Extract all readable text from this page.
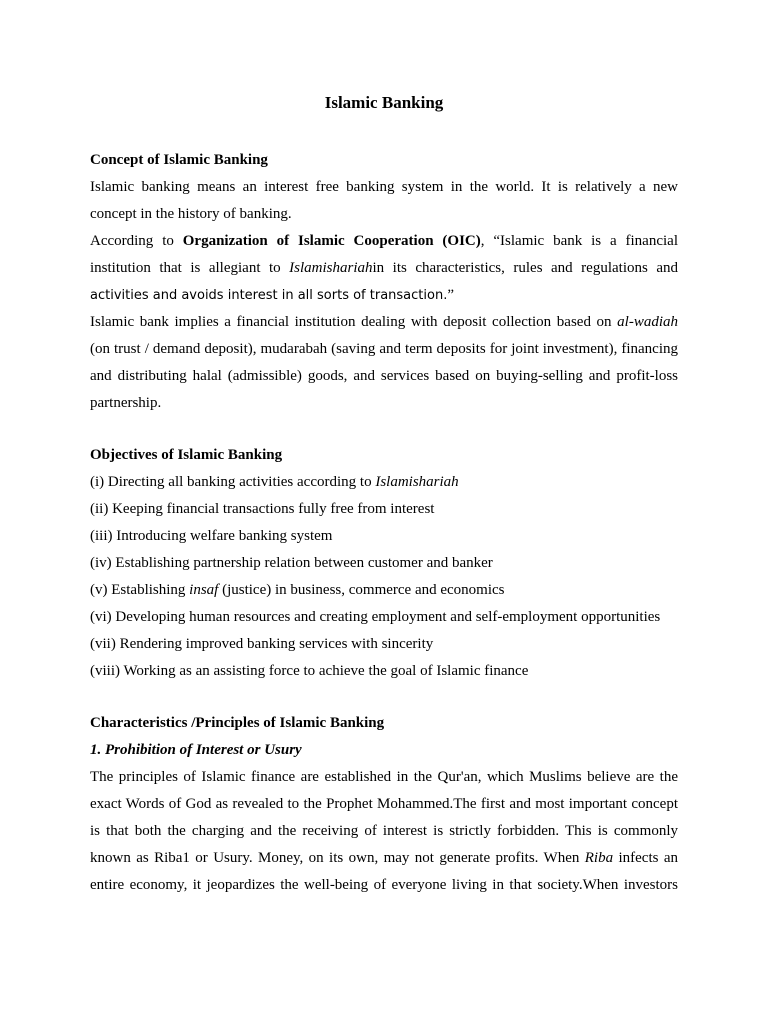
Islamic Banking
Concept of Islamic Banking
Islamic banking means an interest free banking system in the world. It is relatively a new
concept in the history of banking.
According to Organization of Islamic Cooperation (OIC), “Islamic bank is a financial
institution that is allegiant to Islamishariahin its characteristics, rules and regulations and
activities and avoids interest in all sorts of transaction.”
Islamic bank implies a financial institution dealing with deposit collection based on al-wadiah
(on trust / demand deposit), mudarabah (saving and term deposits for joint investment), financing
and distributing halal (admissible) goods, and services based on buying-selling and profit-loss
partnership.
Objectives of Islamic Banking
(i) Directing all banking activities according to Islamishariah
(ii) Keeping financial transactions fully free from interest
(iii) Introducing welfare banking system
(iv) Establishing partnership relation between customer and banker
(v) Establishing insaf (justice) in business, commerce and economics
(vi) Developing human resources and creating employment and self-employment opportunities
(vii) Rendering improved banking services with sincerity
(viii) Working as an assisting force to achieve the goal of Islamic finance
Characteristics /Principles of Islamic Banking
1. Prohibition of Interest or Usury
The principles of Islamic finance are established in the Qur'an, which Muslims believe are the
exact Words of God as revealed to the Prophet Mohammed.The first and most important concept
is that both the charging and the receiving of interest is strictly forbidden. This is commonly
known as Riba1 or Usury. Money, on its own, may not generate profits. When Riba infects an
entire economy, it jeopardizes the well-being of everyone living in that society.When investors
